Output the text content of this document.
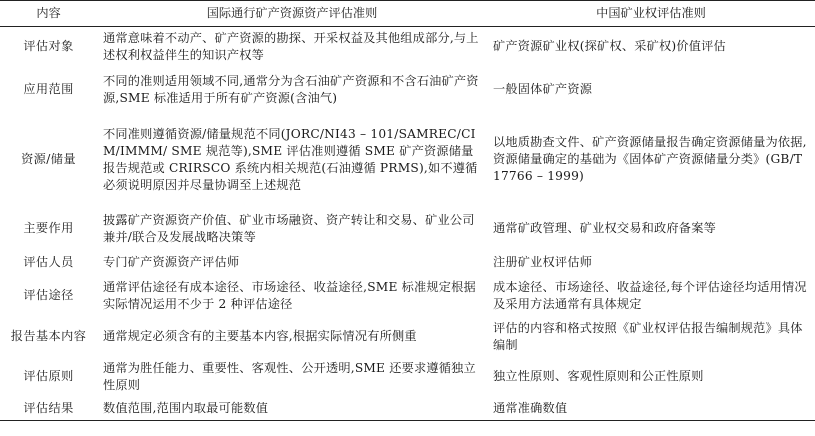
内容	国际通行矿产资源资产评估准则	中国矿业权评估准则
评估对象	通常意味着不动产、矿产资源的勘探、开采权益及其他组成部分,与上述权利权益伴生的知识产权等	矿产资源矿业权(探矿权、采矿权)价值评估
应用范围	不同的准则适用领域不同,通常分为含石油矿产资源和不含石油矿产资源,SME 标准适用于所有矿产资源(含油气)	一般固体矿产资源
资源/储量	不同准则遵循资源/储量规范不同(JORC/NI43 – 101/SAMREC/CIM/IMMM/ SME 规范等),SME 评估准则遵循 SME 矿产资源储量报告规范或 CRIRSCO 系统内相关规范(石油遵循 PRMS),如不遵循必须说明原因并尽量协调至上述规范	以地质勘查文件、矿产资源储量报告确定资源储量为依据,资源储量确定的基础为《固体矿产资源储量分类》(GB/T 17766 – 1999)
主要作用	披露矿产资源资产价值、矿业市场融资、资产转让和交易、矿业公司兼并/联合及发展战略决策等	通常矿政管理、矿业权交易和政府备案等
评估人员	专门矿产资源资产评估师	注册矿业权评估师
评估途径	通常评估途径有成本途径、市场途径、收益途径,SME 标准规定根据实际情况运用不少于 2 种评估途径	成本途径、市场途径、收益途径,每个评估途径均适用情况及采用方法通常有具体规定
报告基本内容	通常规定必须含有的主要基本内容,根据实际情况有所侧重	评估的内容和格式按照《矿业权评估报告编制规范》具体编制
评估原则	通常为胜任能力、重要性、客观性、公开透明,SME 还要求遵循独立性原则	独立性原则、客观性原则和公正性原则
评估结果	数值范围,范围内取最可能数值	通常准确数值
